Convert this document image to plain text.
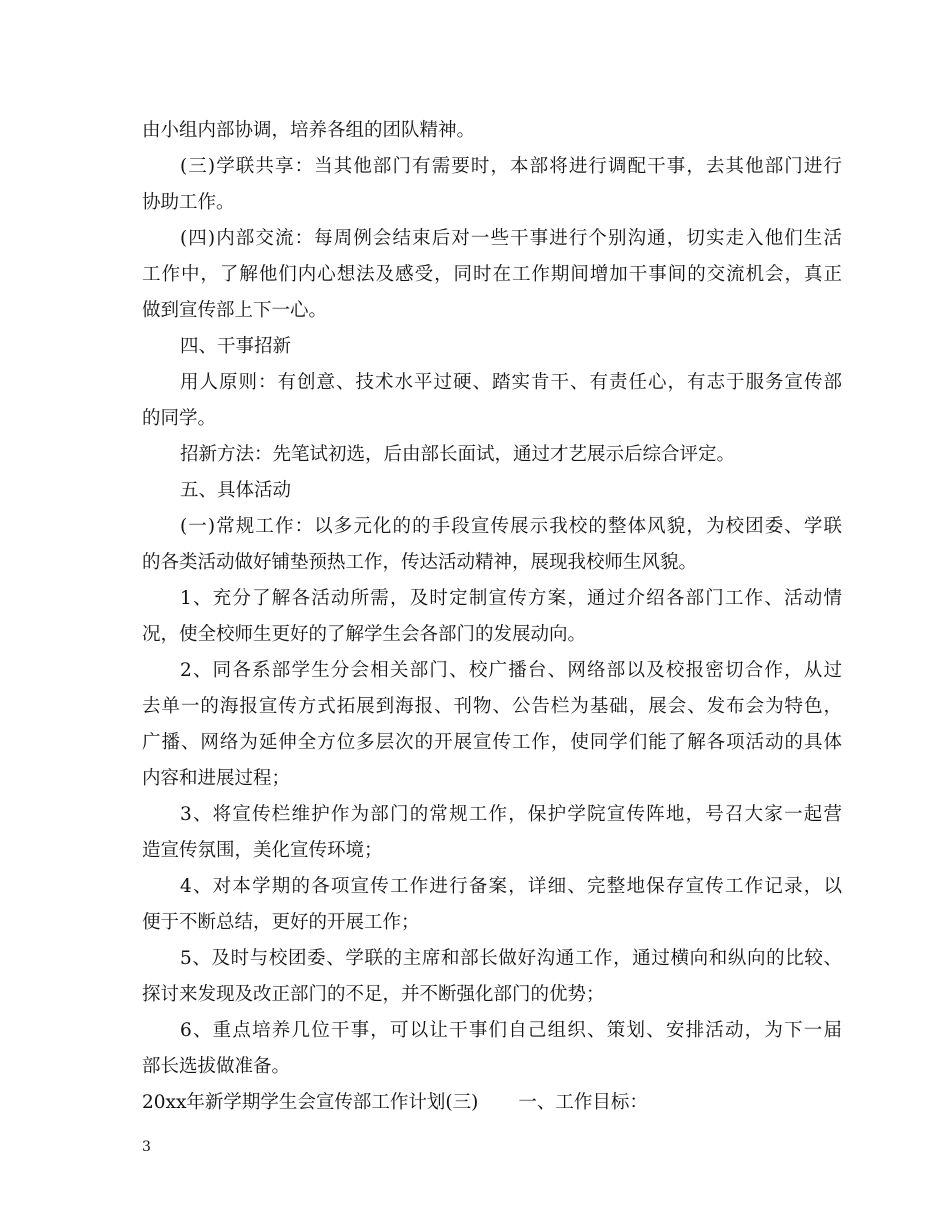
由小组内部协调，培养各组的团队精神。
(三)学联共享：当其他部门有需要时，本部将进行调配干事，去其他部门进行
协助工作。
(四)内部交流：每周例会结束后对一些干事进行个别沟通，切实走入他们生活
工作中，了解他们内心想法及感受，同时在工作期间增加干事间的交流机会，真正
做到宣传部上下一心。
四、干事招新
用人原则：有创意、技术水平过硬、踏实肯干、有责任心，有志于服务宣传部
的同学。
招新方法：先笔试初选，后由部长面试，通过才艺展示后综合评定。
五、具体活动
(一)常规工作：以多元化的的手段宣传展示我校的整体风貌，为校团委、学联
的各类活动做好铺垫预热工作，传达活动精神，展现我校师生风貌。
1、充分了解各活动所需，及时定制宣传方案，通过介绍各部门工作、活动情
况，使全校师生更好的了解学生会各部门的发展动向。
2、同各系部学生分会相关部门、校广播台、网络部以及校报密切合作，从过
去单一的海报宣传方式拓展到海报、刊物、公告栏为基础，展会、发布会为特色，
广播、网络为延伸全方位多层次的开展宣传工作，使同学们能了解各项活动的具体
内容和进展过程；
3、将宣传栏维护作为部门的常规工作，保护学院宣传阵地，号召大家一起营
造宣传氛围，美化宣传环境；
4、对本学期的各项宣传工作进行备案，详细、完整地保存宣传工作记录，以
便于不断总结，更好的开展工作；
5、及时与校团委、学联的主席和部长做好沟通工作，通过横向和纵向的比较、
探讨来发现及改正部门的不足，并不断强化部门的优势；
6、重点培养几位干事，可以让干事们自己组织、策划、安排活动，为下一届
部长选拔做准备。
20xx年新学期学生会宣传部工作计划(三) 一、工作目标：
3
